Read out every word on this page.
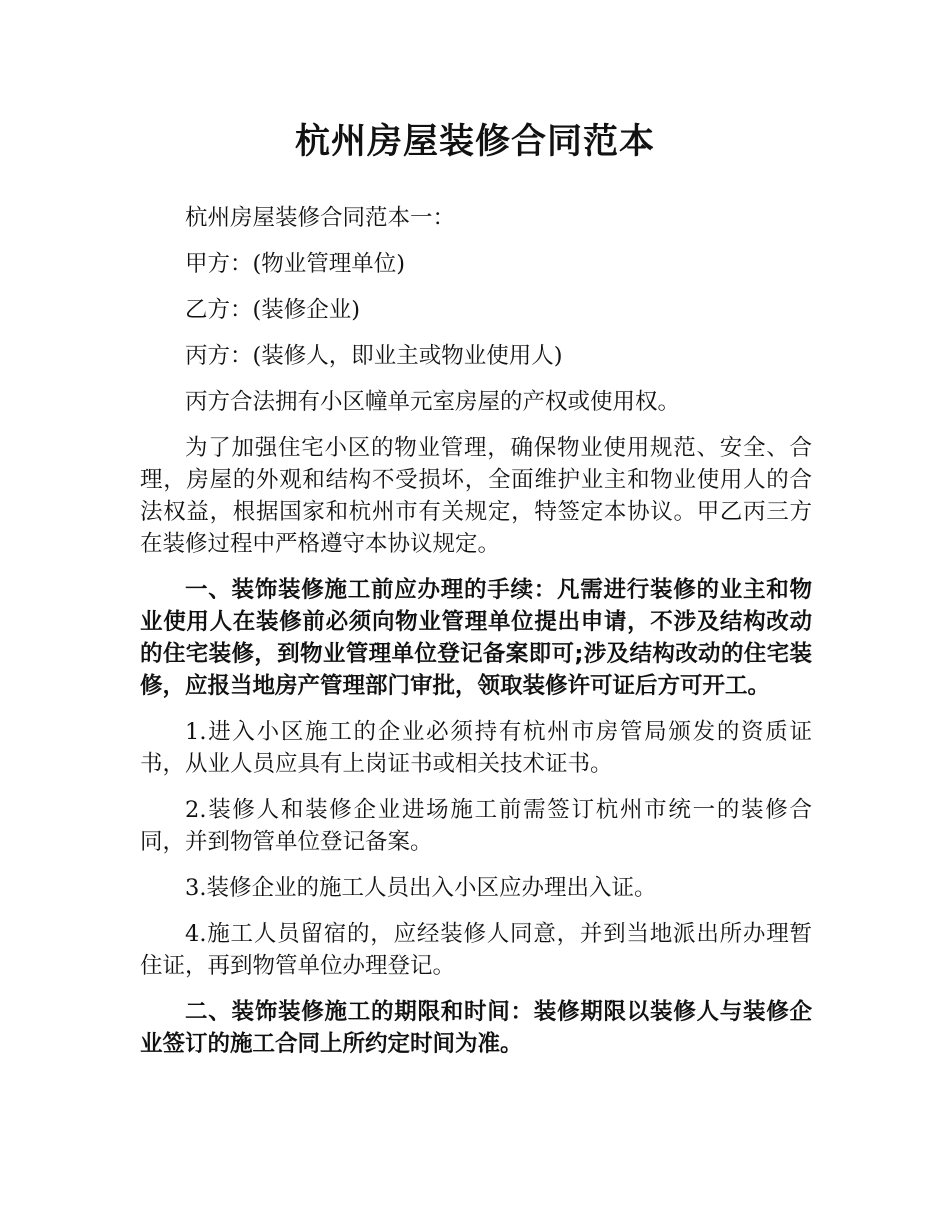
杭州房屋装修合同范本

杭州房屋装修合同范本一：

甲方：(物业管理单位)

乙方：(装修企业)

丙方：(装修人，即业主或物业使用人)

丙方合法拥有小区幢单元室房屋的产权或使用权。

为了加强住宅小区的物业管理，确保物业使用规范、安全、合理，房屋的外观和结构不受损坏，全面维护业主和物业使用人的合法权益，根据国家和杭州市有关规定，特签定本协议。甲乙丙三方在装修过程中严格遵守本协议规定。

一、装饰装修施工前应办理的手续：凡需进行装修的业主和物业使用人在装修前必须向物业管理单位提出申请，不涉及结构改动的住宅装修，到物业管理单位登记备案即可;涉及结构改动的住宅装修，应报当地房产管理部门审批，领取装修许可证后方可开工。

1.进入小区施工的企业必须持有杭州市房管局颁发的资质证书，从业人员应具有上岗证书或相关技术证书。

2.装修人和装修企业进场施工前需签订杭州市统一的装修合同，并到物管单位登记备案。

3.装修企业的施工人员出入小区应办理出入证。

4.施工人员留宿的，应经装修人同意，并到当地派出所办理暂住证，再到物管单位办理登记。

二、装饰装修施工的期限和时间：装修期限以装修人与装修企业签订的施工合同上所约定时间为准。
